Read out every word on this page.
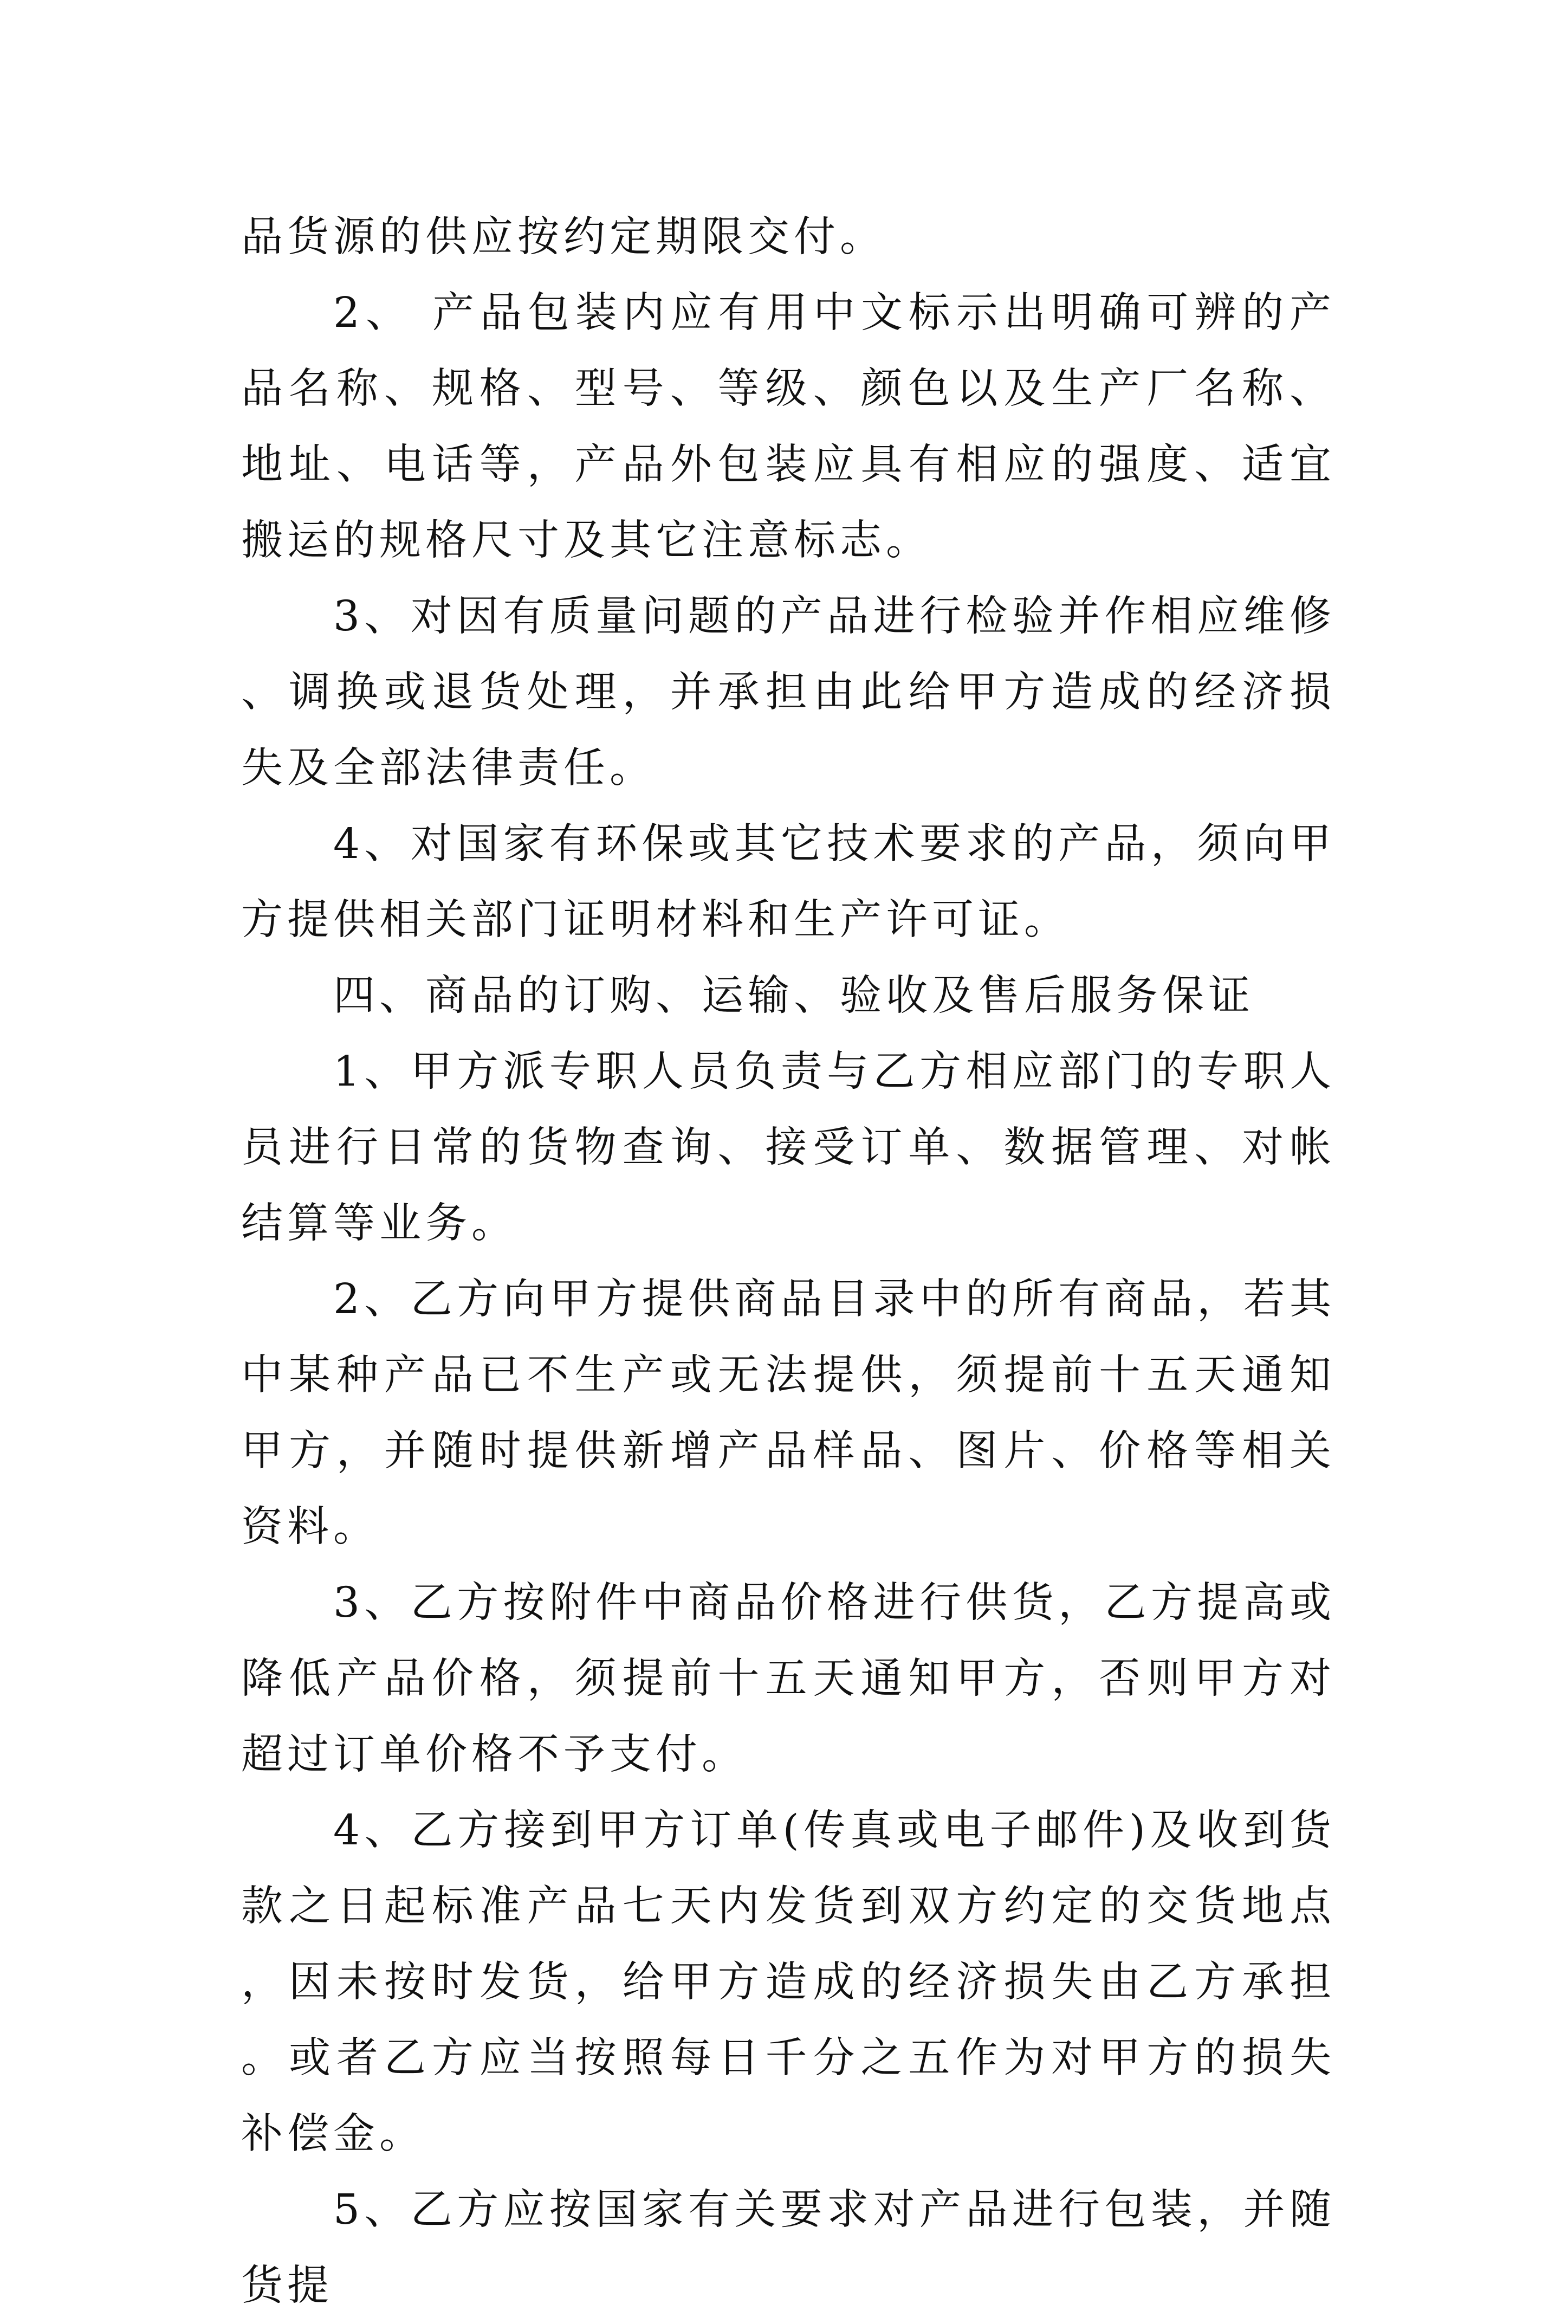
品货源的供应按约定期限交付。

2、 产品包装内应有用中文标示出明确可辨的产品名称、规格、型号、等级、颜色以及生产厂名称、地址、电话等，产品外包装应具有相应的强度、适宜搬运的规格尺寸及其它注意标志。

3、对因有质量问题的产品进行检验并作相应维修、调换或退货处理，并承担由此给甲方造成的经济损失及全部法律责任。

4、对国家有环保或其它技术要求的产品，须向甲方提供相关部门证明材料和生产许可证。

四、商品的订购、运输、验收及售后服务保证

1、甲方派专职人员负责与乙方相应部门的专职人员进行日常的货物查询、接受订单、数据管理、对帐结算等业务。

2、乙方向甲方提供商品目录中的所有商品，若其中某种产品已不生产或无法提供，须提前十五天通知甲方，并随时提供新增产品样品、图片、价格等相关资料。

3、乙方按附件中商品价格进行供货，乙方提高或降低产品价格，须提前十五天通知甲方，否则甲方对超过订单价格不予支付。

4、乙方接到甲方订单(传真或电子邮件)及收到货款之日起标准产品七天内发货到双方约定的交货地点，因未按时发货，给甲方造成的经济损失由乙方承担。或者乙方应当按照每日千分之五作为对甲方的损失补偿金。

5、乙方应按国家有关要求对产品进行包装，并随货提
